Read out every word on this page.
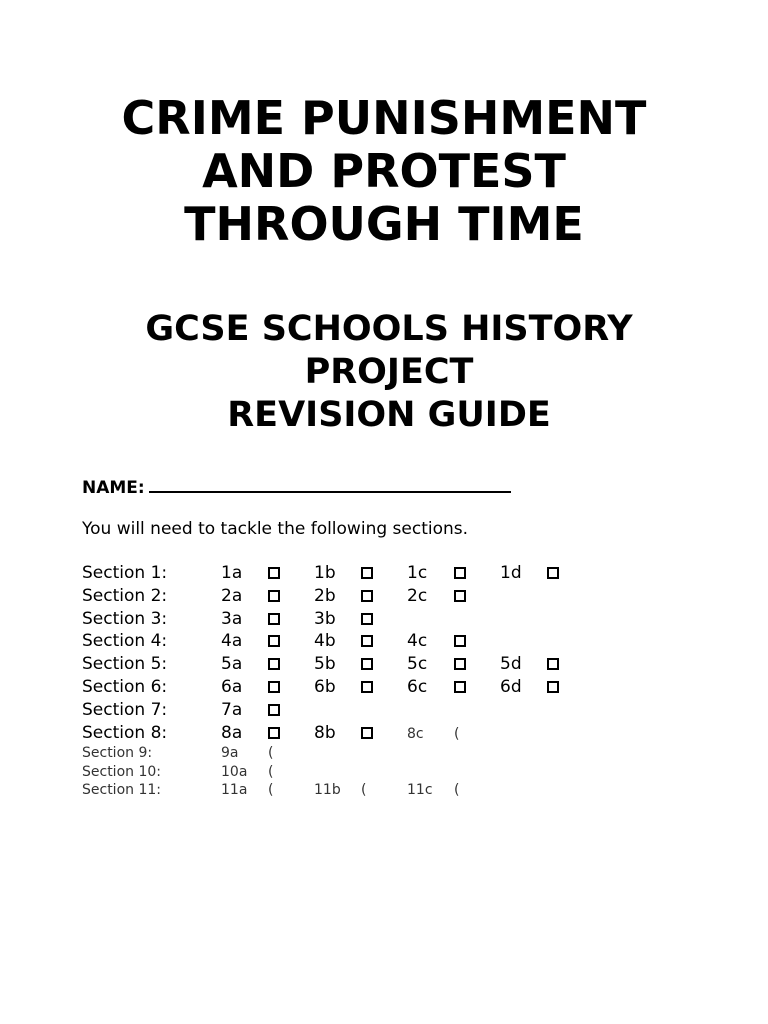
CRIME PUNISHMENT
AND PROTEST
THROUGH TIME
GCSE SCHOOLS HISTORY
PROJECT
REVISION GUIDE
NAME:
You will need to tackle the following sections.
Section 1:	1a	1b	1c	1d
Section 2:	2a	2b	2c
Section 3:	3a	3b
Section 4:	4a	4b	4c
Section 5:	5a	5b	5c	5d
Section 6:	6a	6b	6c	6d
Section 7:	7a
Section 8:	8a	8b	8c (
Section 9:	9a (
Section 10:	10a (
Section 11:	11a (	11b (	11c (
